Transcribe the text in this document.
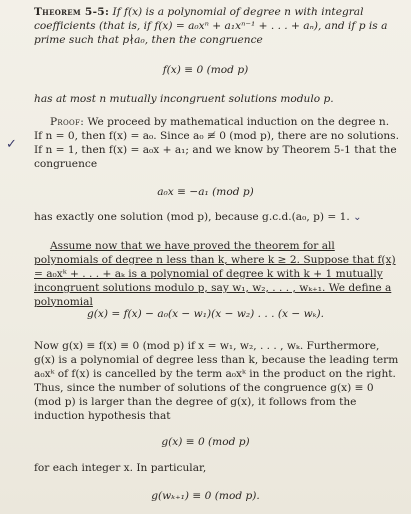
Theorem 5-5: If f(x) is a polynomial of degree n with integral coefficients (that is, if f(x) = a₀xⁿ + a₁xⁿ⁻¹ + . . . + aₙ), and if p is a prime such that p∤a₀, then the congruence

f(x) ≡ 0 (mod p)

has at most n mutually incongruent solutions modulo p.

Proof: We proceed by mathematical induction on the degree n. If n = 0, then f(x) = a₀. Since a₀ ≢ 0 (mod p), there are no solutions. If n = 1, then f(x) = a₀x + a₁; and we know by Theorem 5-1 that the congruence

✓

a₀x ≡ −a₁ (mod p)

has exactly one solution (mod p), because g.c.d.(a₀, p) = 1. ⌄

Assume now that we have proved the theorem for all polynomials of degree n less than k, where k ≥ 2. Suppose that f(x) = a₀xᵏ + . . . + aₖ is a polynomial of degree k with k + 1 mutually incongruent solutions modulo p, say w₁, w₂, . . . , wₖ₊₁. We define a polynomial

g(x) = f(x) − a₀(x − w₁)(x − w₂) . . . (x − wₖ).

Now g(x) ≡ f(x) ≡ 0 (mod p) if x = w₁, w₂, . . . , wₖ. Furthermore, g(x) is a polynomial of degree less than k, because the leading term a₀xᵏ of f(x) is cancelled by the term a₀xᵏ in the product on the right. Thus, since the number of solutions of the congruence g(x) ≡ 0 (mod p) is larger than the degree of g(x), it follows from the induction hypothesis that

g(x) ≡ 0 (mod p)

for each integer x. In particular,

g(wₖ₊₁) ≡ 0 (mod p).
